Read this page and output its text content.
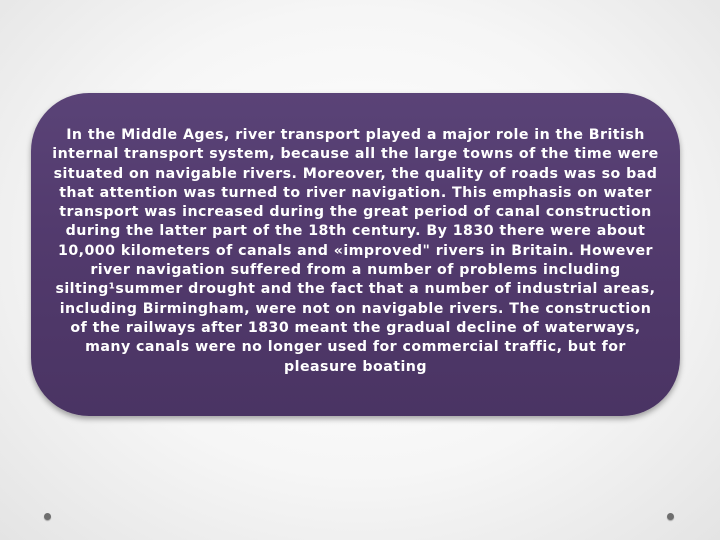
In the Middle Ages, river transport played a major role in the British internal transport system, because all the large towns of the time were situated on navigable rivers. Moreover, the quality of roads was so bad that attention was turned to river navigation. This emphasis on water transport was increased during the great period of canal construction during the latter part of the 18th century. By 1830 there were about 10,000 kilometers of canals and «improved" rivers in Britain. However river navigation suffered from a number of problems including silting¹summer drought and the fact that a number of industrial areas, including Birmingham, were not on navigable rivers. The construction of the railways after 1830 meant the gradual decline of waterways, many canals were no longer used for commercial traffic, but for pleasure boating
